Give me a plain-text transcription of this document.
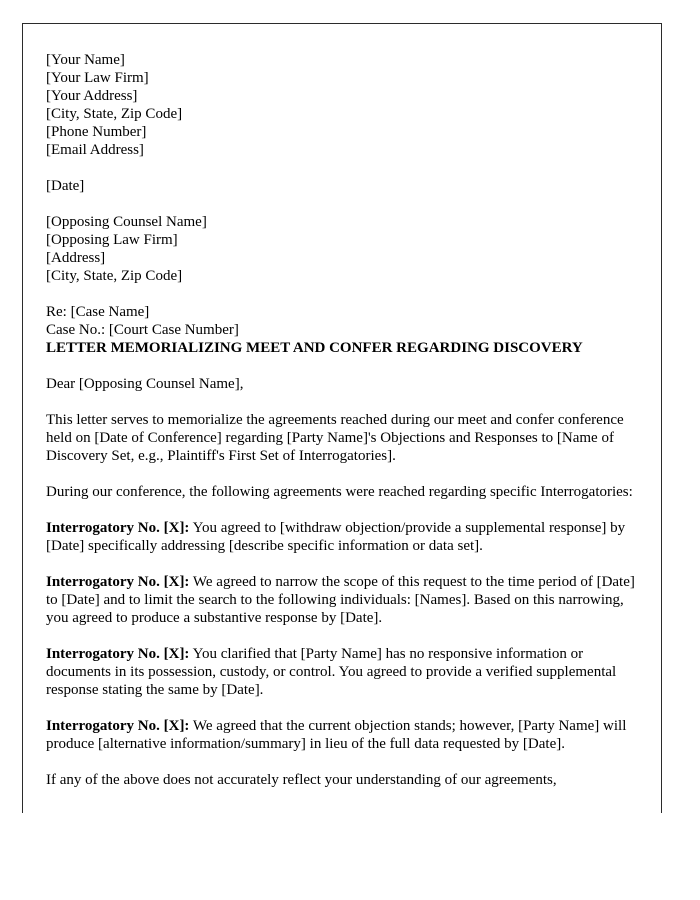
[Your Name]
[Your Law Firm]
[Your Address]
[City, State, Zip Code]
[Phone Number]
[Email Address]
[Date]
[Opposing Counsel Name]
[Opposing Law Firm]
[Address]
[City, State, Zip Code]
Re: [Case Name]
Case No.: [Court Case Number]
LETTER MEMORIALIZING MEET AND CONFER REGARDING DISCOVERY
Dear [Opposing Counsel Name],

This letter serves to memorialize the agreements reached during our meet and confer conference held on [Date of Conference] regarding [Party Name]'s Objections and Responses to [Name of Discovery Set, e.g., Plaintiff's First Set of Interrogatories].

During our conference, the following agreements were reached regarding specific Interrogatories:

Interrogatory No. [X]: You agreed to [withdraw objection/provide a supplemental response] by [Date] specifically addressing [describe specific information or data set].

Interrogatory No. [X]: We agreed to narrow the scope of this request to the time period of [Date] to [Date] and to limit the search to the following individuals: [Names]. Based on this narrowing, you agreed to produce a substantive response by [Date].

Interrogatory No. [X]: You clarified that [Party Name] has no responsive information or documents in its possession, custody, or control. You agreed to provide a verified supplemental response stating the same by [Date].

Interrogatory No. [X]: We agreed that the current objection stands; however, [Party Name] will produce [alternative information/summary] in lieu of the full data requested by [Date].

If any of the above does not accurately reflect your understanding of our agreements,
